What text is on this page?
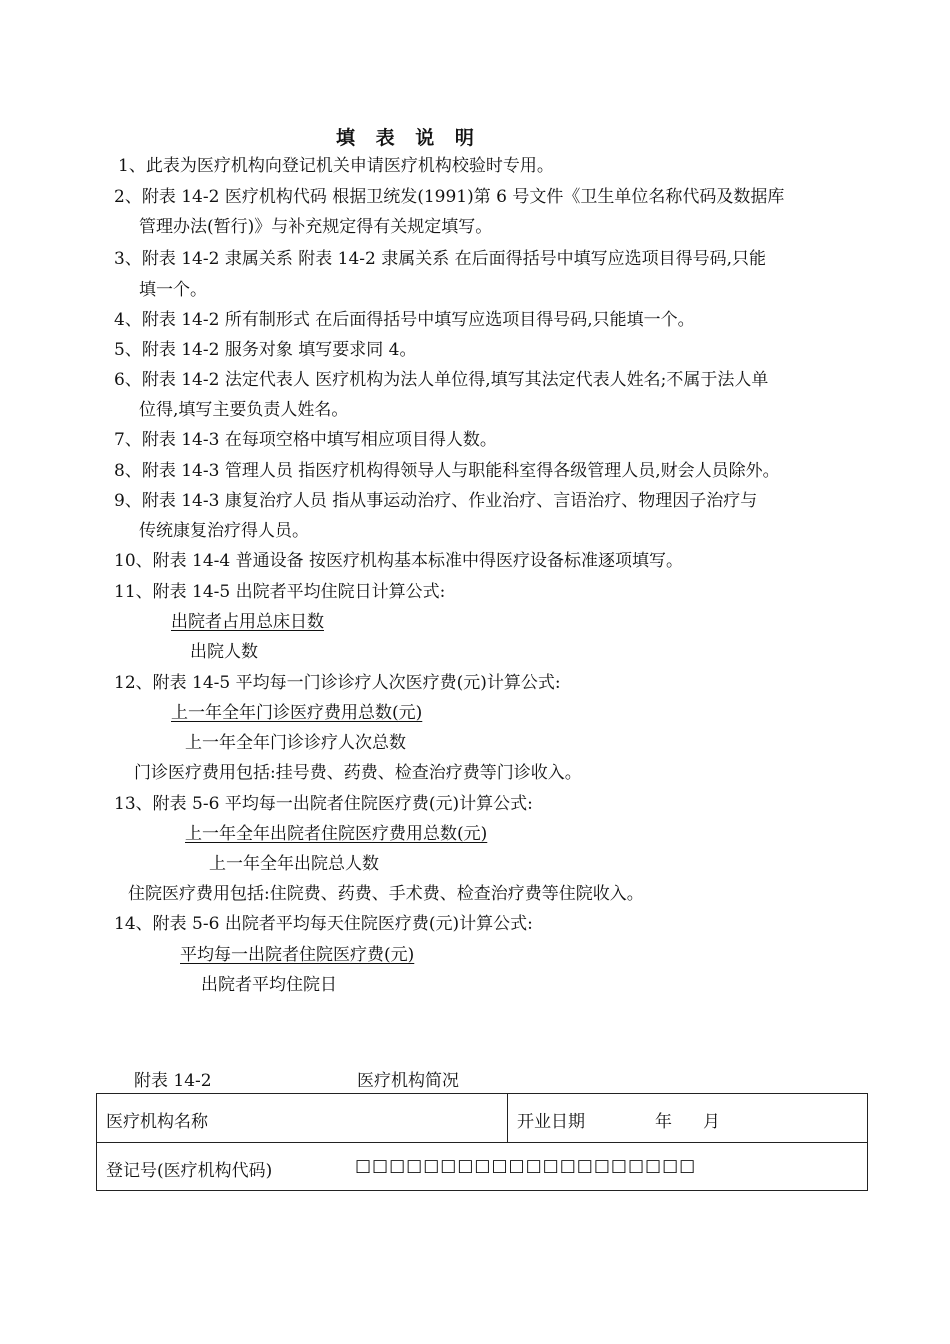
填 表 说 明
1、此表为医疗机构向登记机关申请医疗机构校验时专用。
2、附表 14-2 医疗机构代码 根据卫统发(1991)第 6 号文件《卫生单位名称代码及数据库
管理办法(暂行)》与补充规定得有关规定填写。
3、附表 14-2 隶属关系 附表 14-2 隶属关系 在后面得括号中填写应选项目得号码,只能
填一个。
4、附表 14-2 所有制形式 在后面得括号中填写应选项目得号码,只能填一个。
5、附表 14-2 服务对象 填写要求同 4。
6、附表 14-2 法定代表人 医疗机构为法人单位得,填写其法定代表人姓名;不属于法人单
位得,填写主要负责人姓名。
7、附表 14-3 在每项空格中填写相应项目得人数。
8、附表 14-3 管理人员 指医疗机构得领导人与职能科室得各级管理人员,财会人员除外。
9、附表 14-3 康复治疗人员 指从事运动治疗、作业治疗、言语治疗、物理因子治疗与
传统康复治疗得人员。
10、附表 14-4 普通设备 按医疗机构基本标准中得医疗设备标准逐项填写。
11、附表 14-5 出院者平均住院日计算公式:
出院者占用总床日数
出院人数
12、附表 14-5 平均每一门诊诊疗人次医疗费(元)计算公式:
上一年全年门诊医疗费用总数(元)
上一年全年门诊诊疗人次总数
门诊医疗费用包括:挂号费、药费、检查治疗费等门诊收入。
13、附表 5-6 平均每一出院者住院医疗费(元)计算公式:
上一年全年出院者住院医疗费用总数(元)
上一年全年出院总人数
住院医疗费用包括:住院费、药费、手术费、检查治疗费等住院收入。
14、附表 5-6 出院者平均每天住院医疗费(元)计算公式:
平均每一出院者住院医疗费(元)
出院者平均住院日
附表 14-2	医疗机构简况
医疗机构名称	开业日期	年 月
登记号(医疗机构代码)	□□□□□□□□□□□□□□□□□□□□
